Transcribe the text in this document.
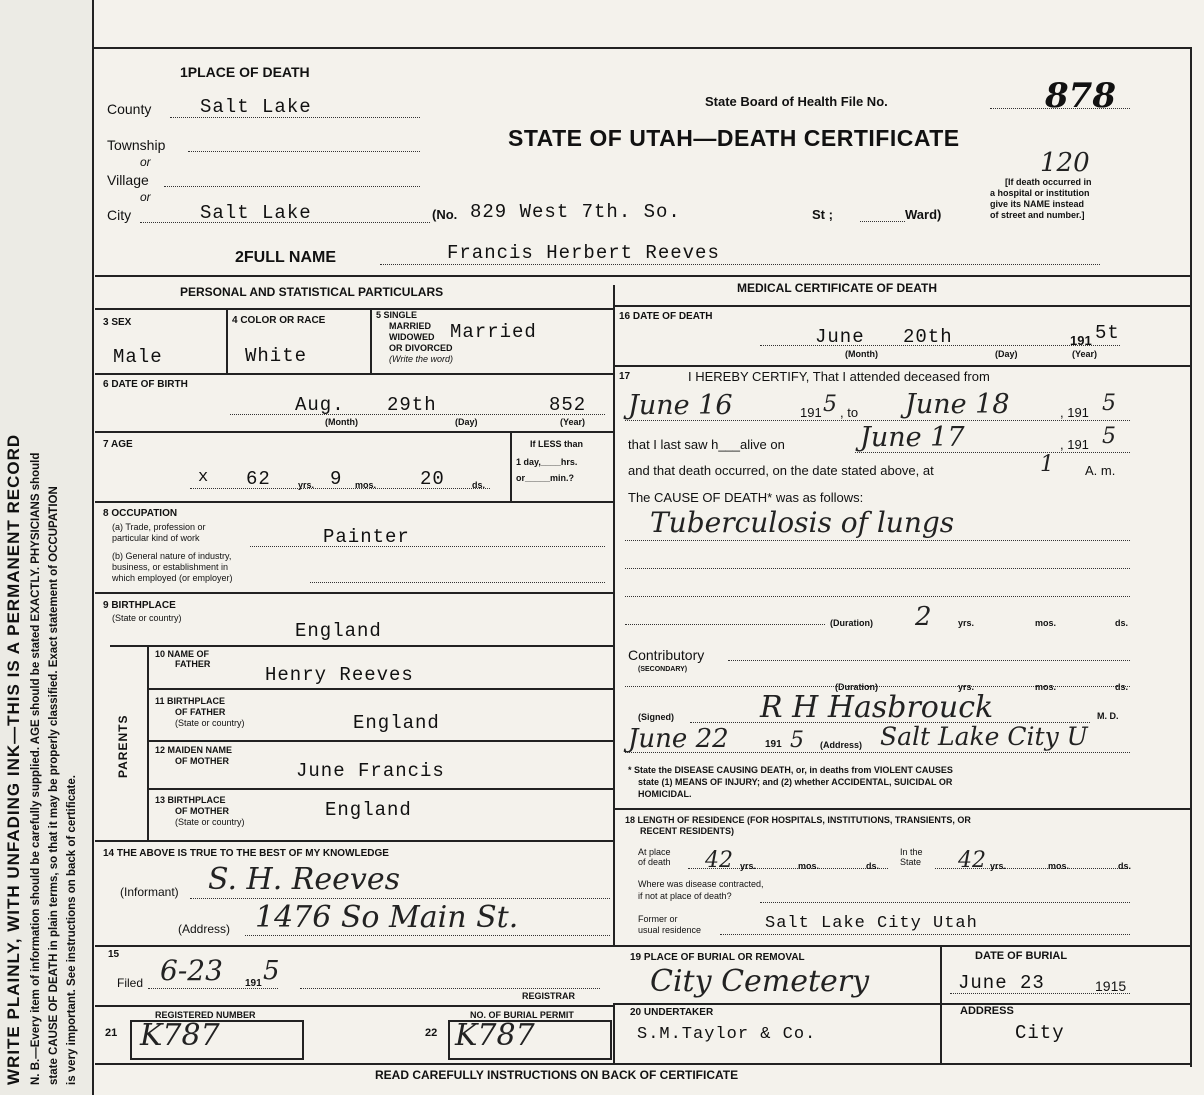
WRITE PLAINLY, WITH UNFADING INK—THIS IS A PERMANENT RECORD N. B.—Every item of information should be carefully supplied. AGE should be stated EXACTLY. PHYSICIANS should state CAUSE OF DEATH in plain terms, so that it may be properly classified. Exact statement of OCCUPATION is very important. See instructions on back of certificate.
1PLACE OF DEATH
County	Salt Lake
Township
or
Village
or
City	Salt Lake	(No. 829 West 7th. So.	St ;	Ward)
State Board of Health File No.	878
STATE OF UTAH—DEATH CERTIFICATE
120
[If death occurred in
a hospital or institution
give its NAME instead
of street and number.]
2FULL NAME	Francis Herbert Reeves
PERSONAL AND STATISTICAL PARTICULARS	MEDICAL CERTIFICATE OF DEATH
3 SEX
Male
4 COLOR OR RACE
White
5 SINGLE
MARRIED
WIDOWED
OR DIVORCED
(Write the word)
Married
6 DATE OF BIRTH
Aug. 29th	852
(Month)	(Day)	(Year)
7 AGE
x 62	yrs. 9 mos. 20	ds.
If LESS than
1 day,____hrs.
or_____min.?
8 OCCUPATION
(a) Trade, profession or
particular kind of work	Painter
(b) General nature of industry,
business, or establishment in
which employed (or employer)
9 BIRTHPLACE
(State or country)
England
PARENTS
10 NAME OF
FATHER	Henry Reeves
11 BIRTHPLACE
OF FATHER
(State or country)	England
12 MAIDEN NAME
OF MOTHER	June Francis
13 BIRTHPLACE
OF MOTHER
(State or country)
England
14 THE ABOVE IS TRUE TO THE BEST OF MY KNOWLEDGE
(Informant) S. H. Reeves
(Address) 1476 So Main St.
15
Filed 6-23 191 5
REGISTRAR
REGISTERED NUMBER
21 K787
NO. OF BURIAL PERMIT
22 K787
16 DATE OF DEATH
June 20th	191 5t
(Month)	(Day)	(Year)
17	I HEREBY CERTIFY, That I attended deceased from
June 16	191 5 , to June 18	, 191 5
that I last saw h___alive on	June 17	, 191 5
and that death occurred, on the date stated above, at	1 A. m.
The CAUSE OF DEATH* was as follows:
Tuberculosis of lungs
(Duration) 2	yrs.	mos.	ds.
Contributory
(SECONDARY)
(Duration)	yrs.	mos.	ds.
(Signed)	R H Hasbrouck	M. D.
June 22	191 5 (Address) Salt Lake City U
* State the DISEASE CAUSING DEATH, or, in deaths from VIOLENT CAUSES
state (1) MEANS OF INJURY; and (2) whether ACCIDENTAL, SUICIDAL OR
HOMICIDAL.
18 LENGTH OF RESIDENCE (FOR HOSPITALS, INSTITUTIONS, TRANSIENTS, OR
RECENT RESIDENTS)
At place
of death 42 yrs.	mos.	ds.
In the
State 42 yrs.	mos.	ds.
Where was disease contracted,
if not at place of death?
Former or
usual residence	Salt Lake City Utah
19 PLACE OF BURIAL OR REMOVAL
City Cemetery
DATE OF BURIAL
June 23	1915
20 UNDERTAKER
S.M.Taylor & Co.
ADDRESS
City
READ CAREFULLY INSTRUCTIONS ON BACK OF CERTIFICATE
